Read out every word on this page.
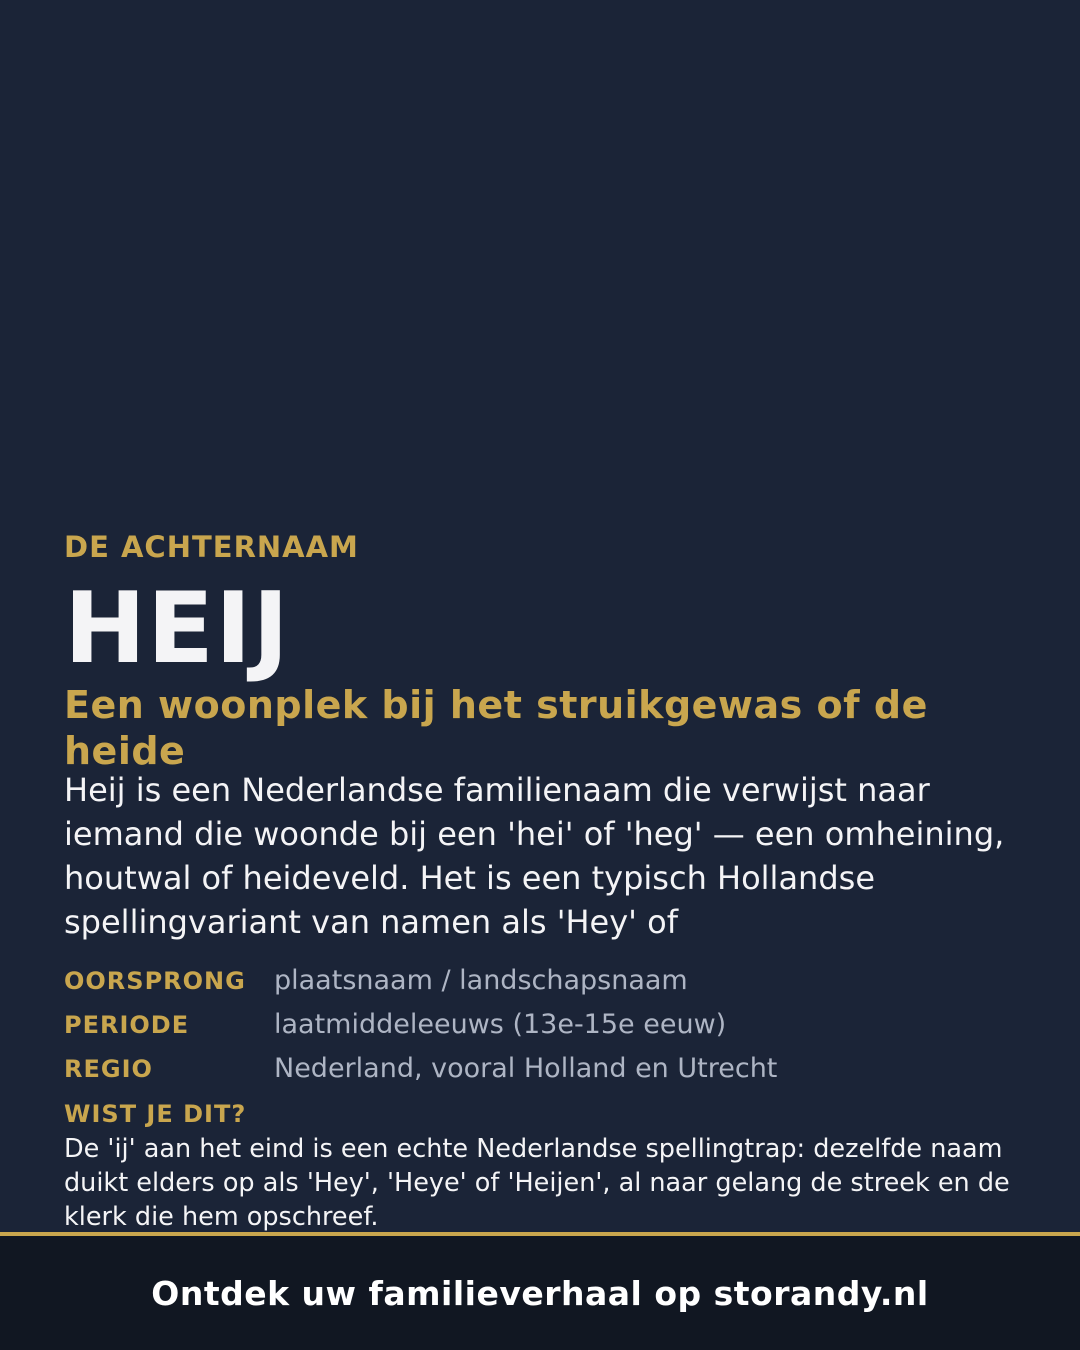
DE ACHTERNAAM

HEIJ
Een woonplek bij het struikgewas of de heide

Heij is een Nederlandse familienaam die verwijst naar iemand die woonde bij een 'hei' of 'heg' — een omheining, houtwal of heideveld. Het is een typisch Hollandse spellingvariant van namen als 'Hey' of

OORSPRONG	plaatsnaam / landschapsnaam
PERIODE	laatmiddeleeuws (13e-15e eeuw)
REGIO	Nederland, vooral Holland en Utrecht

WIST JE DIT?

De 'ij' aan het eind is een echte Nederlandse spellingtrap: dezelfde naam duikt elders op als 'Hey', 'Heye' of 'Heijen', al naar gelang de streek en de klerk die hem opschreef.

Ontdek uw familieverhaal op storandy.nl
